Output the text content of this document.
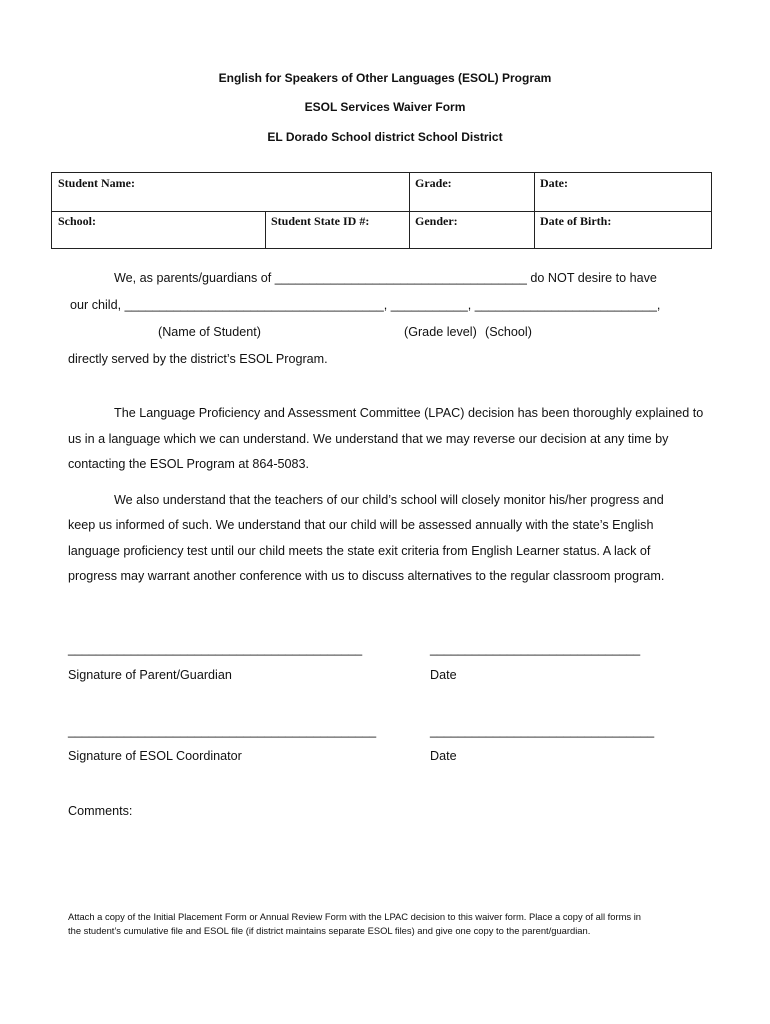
English for Speakers of Other Languages (ESOL) Program
ESOL Services Waiver Form
EL Dorado School district School District
Student Name:	Grade:	Date:
School:	Student State ID #:	Gender:	Date of Birth:
We, as parents/guardians of ____________________________________ do NOT desire to have
our child, _____________________________________, ___________, __________________________,
(Name of Student)	(Grade level) (School)
directly served by the district’s ESOL Program.
The Language Proficiency and Assessment Committee (LPAC) decision has been thoroughly explained to
us in a language which we can understand. We understand that we may reverse our decision at any time by
contacting the ESOL Program at 864-5083.
We also understand that the teachers of our child’s school will closely monitor his/her progress and
keep us informed of such. We understand that our child will be assessed annually with the state’s English
language proficiency test until our child meets the state exit criteria from English Learner status. A lack of
progress may warrant another conference with us to discuss alternatives to the regular classroom program.
__________________________________________	______________________________
Signature of Parent/Guardian	Date
____________________________________________	________________________________
Signature of ESOL Coordinator	Date
Comments:
Attach a copy of the Initial Placement Form or Annual Review Form with the LPAC decision to this waiver form. Place a copy of all forms in
the student’s cumulative file and ESOL file (if district maintains separate ESOL files) and give one copy to the parent/guardian.
